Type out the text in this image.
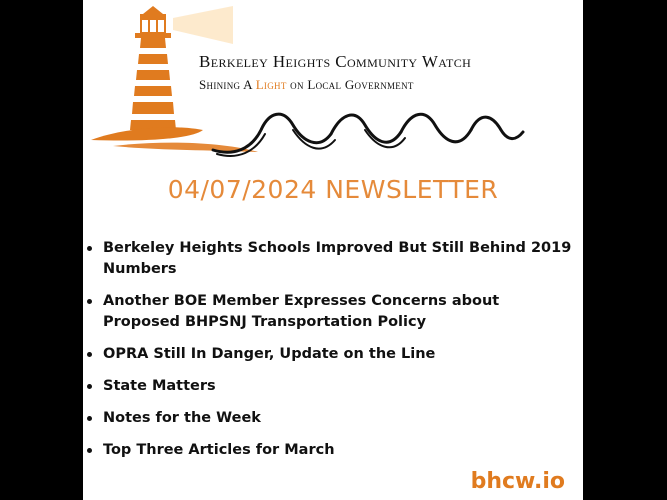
Berkeley Heights Community Watch
Shining A Light on Local Government
04/07/2024 NEWSLETTER
Berkeley Heights Schools Improved But Still Behind 2019 Numbers
Another BOE Member Expresses Concerns about Proposed BHPSNJ Transportation Policy
OPRA Still In Danger, Update on the Line
State Matters
Notes for the Week
Top Three Articles for March
bhcw.io
